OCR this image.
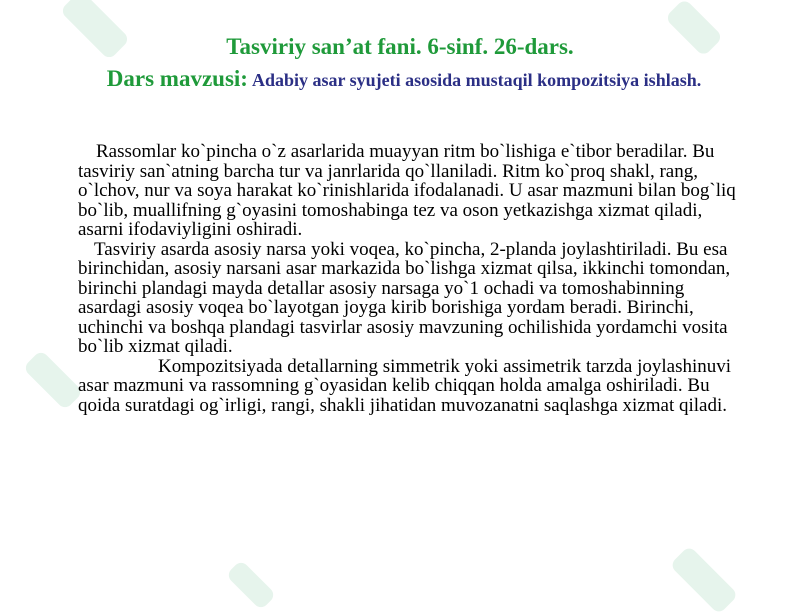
Tasviriy san’at fani. 6-sinf. 26-dars.
Dars mavzusi: Adabiy asar syujeti asosida mustaqil kompozitsiya ishlash.

Rassomlar ko`pincha o`z asarlarida muayyan ritm bo`lishiga e`tibor beradilar. Bu tasviriy san`atning barcha tur va janrlarida qo`llaniladi. Ritm ko`proq shakl, rang, o`lchov, nur va soya harakat ko`rinishlarida ifodalanadi. U asar mazmuni bilan bog`liq bo`lib, muallifning g`oyasini tomoshabinga tez va oson yetkazishga xizmat qiladi, asarni ifodaviyligini oshiradi.

Tasviriy asarda asosiy narsa yoki voqea, ko`pincha, 2-planda joylashtiriladi. Bu esa birinchidan, asosiy narsani asar markazida bo`lishga xizmat qilsa, ikkinchi tomondan, birinchi plandagi mayda detallar asosiy narsaga yo`1 ochadi va tomoshabinning asardagi asosiy voqea bo`layotgan joyga kirib borishiga yordam beradi. Birinchi, uchinchi va boshqa plandagi tasvirlar asosiy mavzuning ochilishida yordamchi vosita bo`lib xizmat qiladi.

Kompozitsiyada detallarning simmetrik yoki assimetrik tarzda joylashinuvi asar mazmuni va rassomning g`oyasidan kelib chiqqan holda amalga oshiriladi. Bu qoida suratdagi og`irligi, rangi, shakli jihatidan muvozanatni saqlashga xizmat qiladi.
